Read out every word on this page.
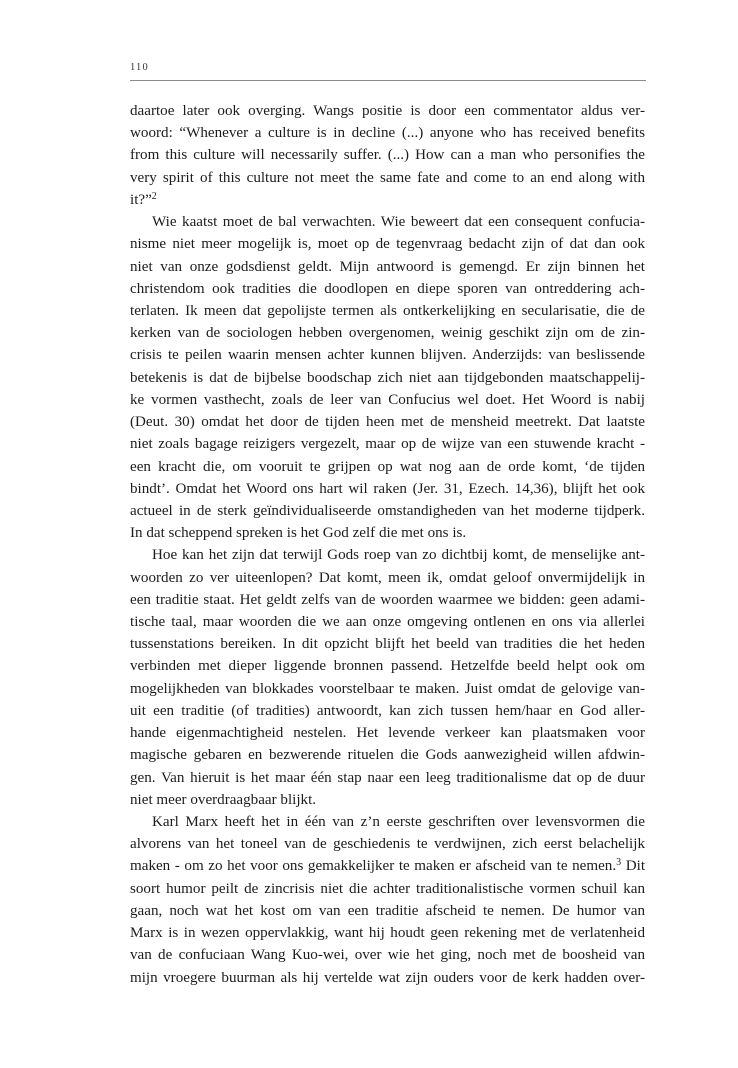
110

daartoe later ook overging. Wangs positie is door een commentator aldus ver-
woord: “Whenever a culture is in decline (...) anyone who has received benefits
from this culture will necessarily suffer. (...) How can a man who personifies the
very spirit of this culture not meet the same fate and come to an end along with
it?”$^2$

Wie kaatst moet de bal verwachten. Wie beweert dat een consequent confucia-
nisme niet meer mogelijk is, moet op de tegenvraag bedacht zijn of dat dan ook
niet van onze godsdienst geldt. Mijn antwoord is gemengd. Er zijn binnen het
christendom ook tradities die doodlopen en diepe sporen van ontreddering ach-
terlaten. Ik meen dat gepolijste termen als ontkerkelijking en secularisatie, die de
kerken van de sociologen hebben overgenomen, weinig geschikt zijn om de zin-
crisis te peilen waarin mensen achter kunnen blijven. Anderzijds: van beslissende
betekenis is dat de bijbelse boodschap zich niet aan tijdgebonden maatschappelij-
ke vormen vasthecht, zoals de leer van Confucius wel doet. Het Woord is nabij
(Deut. 30) omdat het door de tijden heen met de mensheid meetrekt. Dat laatste
niet zoals bagage reizigers vergezelt, maar op de wijze van een stuwende kracht -
een kracht die, om vooruit te grijpen op wat nog aan de orde komt, ‘de tijden
bindt’. Omdat het Woord ons hart wil raken (Jer. 31, Ezech. 14,36), blijft het ook
actueel in de sterk geïndividualiseerde omstandigheden van het moderne tijdperk.
In dat scheppend spreken is het God zelf die met ons is.

Hoe kan het zijn dat terwijl Gods roep van zo dichtbij komt, de menselijke ant-
woorden zo ver uiteenlopen? Dat komt, meen ik, omdat geloof onvermijdelijk in
een traditie staat. Het geldt zelfs van de woorden waarmee we bidden: geen adami-
tische taal, maar woorden die we aan onze omgeving ontlenen en ons via allerlei
tussenstations bereiken. In dit opzicht blijft het beeld van tradities die het heden
verbinden met dieper liggende bronnen passend. Hetzelfde beeld helpt ook om
mogelijkheden van blokkades voorstelbaar te maken. Juist omdat de gelovige van-
uit een traditie (of tradities) antwoordt, kan zich tussen hem/haar en God aller-
hande eigenmachtigheid nestelen. Het levende verkeer kan plaatsmaken voor
magische gebaren en bezwerende rituelen die Gods aanwezigheid willen afdwin-
gen. Van hieruit is het maar één stap naar een leeg traditionalisme dat op de duur
niet meer overdraagbaar blijkt.

Karl Marx heeft het in één van z’n eerste geschriften over levensvormen die
alvorens van het toneel van de geschiedenis te verdwijnen, zich eerst belachelijk
maken - om zo het voor ons gemakkelijker te maken er afscheid van te nemen.$^3$ Dit
soort humor peilt de zincrisis niet die achter traditionalistische vormen schuil kan
gaan, noch wat het kost om van een traditie afscheid te nemen. De humor van
Marx is in wezen oppervlakkig, want hij houdt geen rekening met de verlatenheid
van de confuciaan Wang Kuo-wei, over wie het ging, noch met de boosheid van
mijn vroegere buurman als hij vertelde wat zijn ouders voor de kerk hadden over-
